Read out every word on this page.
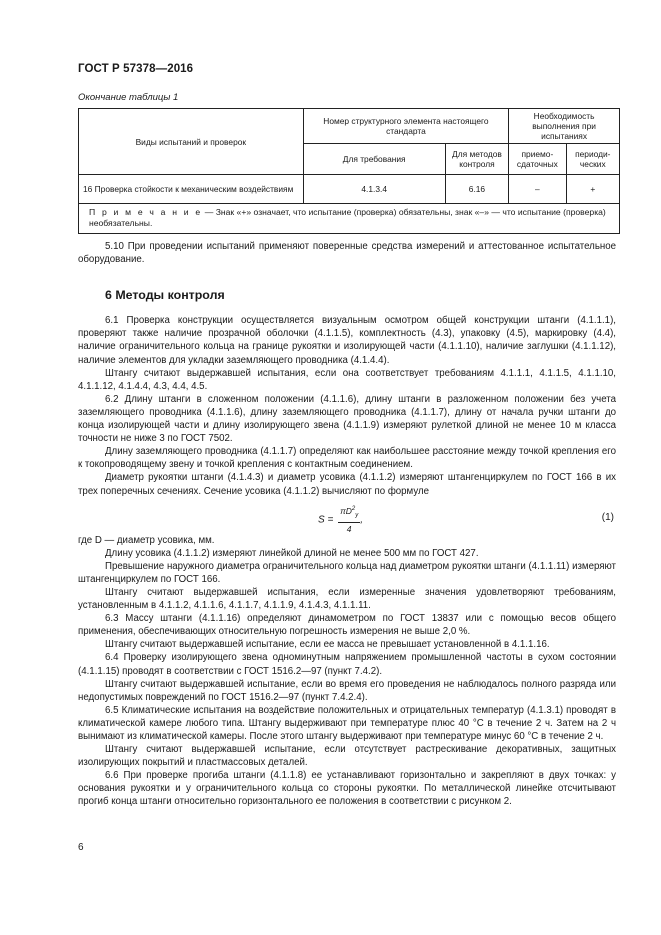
ГОСТ Р 57378—2016
Окончание таблицы 1
Виды испытаний и проверок	Номер структурного элемента настоящего стандарта		Необходимость выполнения при испытаниях	
	Для требования	Для методов контроля	приемо-сдаточных	периоди-ческих
16 Проверка стойкости к механическим воздействиям	4.1.3.4	6.16	–	+
П р и м е ч а н и е — Знак «+» означает, что испытание (проверка) обязательны, знак «–» — что испытание (проверка) необязательны.				

5.10 При проведении испытаний применяют поверенные средства измерений и аттестованное испытательное оборудование.

6 Методы контроля

6.1 Проверка конструкции осуществляется визуальным осмотром общей конструкции штанги (4.1.1.1), проверяют также наличие прозрачной оболочки (4.1.1.5), комплектность (4.3), упаковку (4.5), маркировку (4.4), наличие ограничительного кольца на границе рукоятки и изолирующей части (4.1.1.10), наличие заглушки (4.1.1.12), наличие элементов для укладки заземляющего проводника (4.1.4.4).

Штангу считают выдержавшей испытания, если она соответствует требованиям 4.1.1.1, 4.1.1.5, 4.1.1.10, 4.1.1.12, 4.1.4.4, 4.3, 4.4, 4.5.

6.2 Длину штанги в сложенном положении (4.1.1.6), длину штанги в разложенном положении без учета заземляющего проводника (4.1.1.6), длину заземляющего проводника (4.1.1.7), длину от начала ручки штанги до конца изолирующей части и длину изолирующего звена (4.1.1.9) измеряют рулеткой длиной не менее 10 м класса точности не ниже 3 по ГОСТ 7502.

Длину заземляющего проводника (4.1.1.7) определяют как наибольшее расстояние между точкой крепления его к токопроводящему звену и точкой крепления с контактным соединением.

Диаметр рукоятки штанги (4.1.4.3) и диаметр усовика (4.1.1.2) измеряют штангенциркулем по ГОСТ 166 в их трех поперечных сечениях. Сечение усовика (4.1.1.2) вычисляют по формуле

$S = \frac{\pi D^2_у}{4}$ ,	(1)

где D — диаметр усовика, мм.

Длину усовика (4.1.1.2) измеряют линейкой длиной не менее 500 мм по ГОСТ 427.

Превышение наружного диаметра ограничительного кольца над диаметром рукоятки штанги (4.1.1.11) измеряют штангенциркулем по ГОСТ 166.

Штангу считают выдержавшей испытания, если измеренные значения удовлетворяют требованиям, установленным в 4.1.1.2, 4.1.1.6, 4.1.1.7, 4.1.1.9, 4.1.4.3, 4.1.1.11.

6.3 Массу штанги (4.1.1.16) определяют динамометром по ГОСТ 13837 или с помощью весов общего применения, обеспечивающих относительную погрешность измерения не выше 2,0 %.

Штангу считают выдержавшей испытание, если ее масса не превышает установленной в 4.1.1.16.

6.4 Проверку изолирующего звена одноминутным напряжением промышленной частоты в сухом состоянии (4.1.1.15) проводят в соответствии с ГОСТ 1516.2—97 (пункт 7.4.2).

Штангу считают выдержавшей испытание, если во время его проведения не наблюдалось полного разряда или недопустимых повреждений по ГОСТ 1516.2—97 (пункт 7.4.2.4).

6.5 Климатические испытания на воздействие положительных и отрицательных температур (4.1.3.1) проводят в климатической камере любого типа. Штангу выдерживают при температуре плюс 40 °С в течение 2 ч. Затем на 2 ч вынимают из климатической камеры. После этого штангу выдерживают при температуре минус 60 °С в течение 2 ч.

Штангу считают выдержавшей испытание, если отсутствует растрескивание декоративных, защитных изолирующих покрытий и пластмассовых деталей.

6.6 При проверке прогиба штанги (4.1.1.8) ее устанавливают горизонтально и закрепляют в двух точках: у основания рукоятки и у ограничительного кольца со стороны рукоятки. По металлической линейке отсчитывают прогиб конца штанги относительно горизонтального ее положения в соответствии с рисунком 2.

6
